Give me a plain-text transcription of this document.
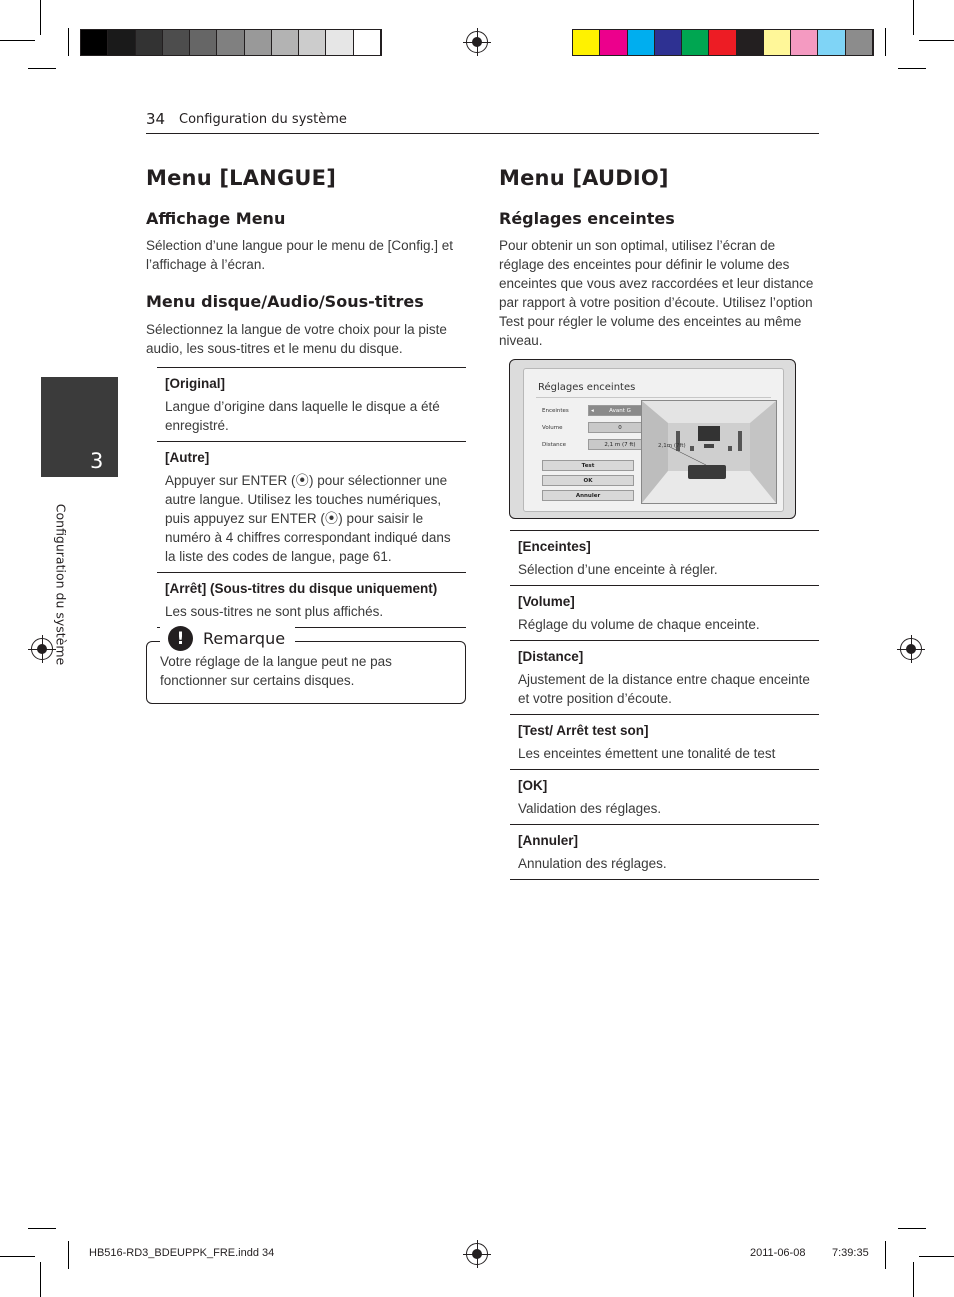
34 Configuration du système
3
Configuration du système
Menu [LANGUE]
Affichage Menu
Sélection d’une langue pour le menu de [Config.] et l’affichage à l’écran.
Menu disque/Audio/Sous-titres
Sélectionnez la langue de votre choix pour la piste audio, les sous-titres et le menu du disque.
[Original]
Langue d’origine dans laquelle le disque a été enregistré.
[Autre]
Appuyer sur ENTER (⦿) pour sélectionner une autre langue. Utilisez les touches numériques, puis appuyez sur ENTER (⦿) pour saisir le numéro à 4 chiffres correspondant indiqué dans la liste des codes de langue, page 61.
[Arrêt] (Sous-titres du disque uniquement)
Les sous-titres ne sont plus affichés.
!	Remarque
Votre réglage de la langue peut ne pas fonctionner sur certains disques.
Menu [AUDIO]
Réglages enceintes
Pour obtenir un son optimal, utilisez l’écran de réglage des enceintes pour définir le volume des enceintes que vous avez raccordées et leur distance par rapport à votre position d’écoute. Utilisez l’option Test pour régler le volume des enceintes au même niveau.
Réglages enceintes
Enceintes	◂	Avant G
Volume	0
Distance	2,1 m (7 ft)
Test
OK
Annuler
2,1m (7ft)
[Enceintes]
Sélection d’une enceinte à régler.
[Volume]
Réglage du volume de chaque enceinte.
[Distance]
Ajustement de la distance entre chaque enceinte et votre position d’écoute.
[Test/ Arrêt test son]
Les enceintes émettent une tonalité de test
[OK]
Validation des réglages.
[Annuler]
Annulation des réglages.
HB516-RD3_BDEUPPK_FRE.indd 34	2011-06-08 7:39:35
